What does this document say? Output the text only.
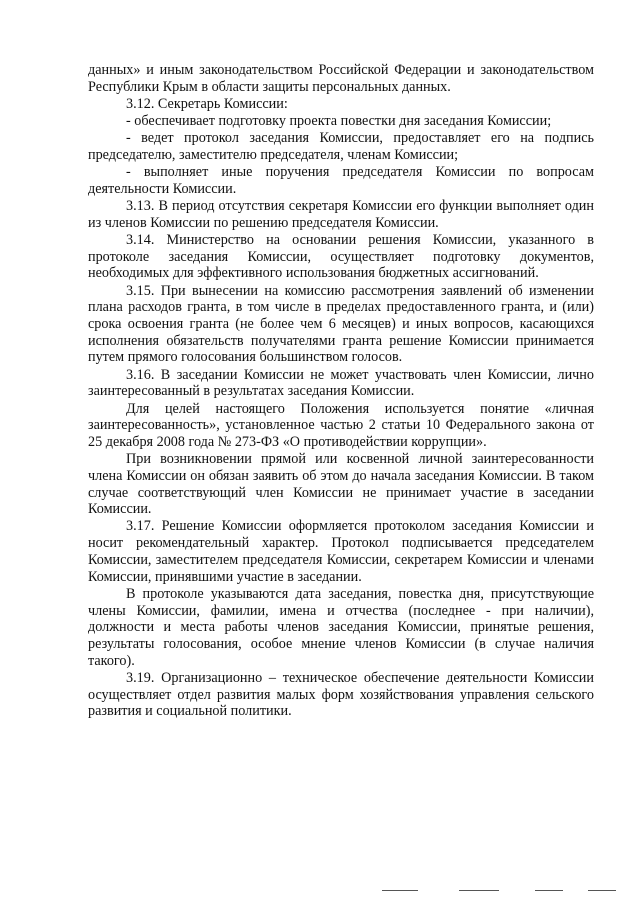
данных» и иным законодательством Российской Федерации и законодательством Республики Крым в области защиты персональных данных.

3.12. Секретарь Комиссии:

- обеспечивает подготовку проекта повестки дня заседания Комиссии;

- ведет протокол заседания Комиссии, предоставляет его на подпись председателю, заместителю председателя, членам Комиссии;

- выполняет иные поручения председателя Комиссии по вопросам деятельности Комиссии.

3.13. В период отсутствия секретаря Комиссии его функции выполняет один из членов Комиссии по решению председателя Комиссии.

3.14. Министерство на основании решения Комиссии, указанного в протоколе заседания Комиссии, осуществляет подготовку документов, необходимых для эффективного использования бюджетных ассигнований.

3.15. При вынесении на комиссию рассмотрения заявлений об изменении плана расходов гранта, в том числе в пределах предоставленного гранта, и (или) срока освоения гранта (не более чем 6 месяцев) и иных вопросов, касающихся исполнения обязательств получателями гранта решение Комиссии принимается путем прямого голосования большинством голосов.

3.16. В заседании Комиссии не может участвовать член Комиссии, лично заинтересованный в результатах заседания Комиссии.

Для целей настоящего Положения используется понятие «личная заинтересованность», установленное частью 2 статьи 10 Федерального закона от 25 декабря 2008 года № 273-ФЗ «О противодействии коррупции».

При возникновении прямой или косвенной личной заинтересованности члена Комиссии он обязан заявить об этом до начала заседания Комиссии. В таком случае соответствующий член Комиссии не принимает участие в заседании Комиссии.

3.17. Решение Комиссии оформляется протоколом заседания Комиссии и носит рекомендательный характер. Протокол подписывается председателем Комиссии, заместителем председателя Комиссии, секретарем Комиссии и членами Комиссии, принявшими участие в заседании.

В протоколе указываются дата заседания, повестка дня, присутствующие члены Комиссии, фамилии, имена и отчества (последнее - при наличии), должности и места работы членов заседания Комиссии, принятые решения, результаты голосования, особое мнение членов Комиссии (в случае наличия такого).

3.19. Организационно – техническое обеспечение деятельности Комиссии осуществляет отдел развития малых форм хозяйствования управления сельского развития и социальной политики.
